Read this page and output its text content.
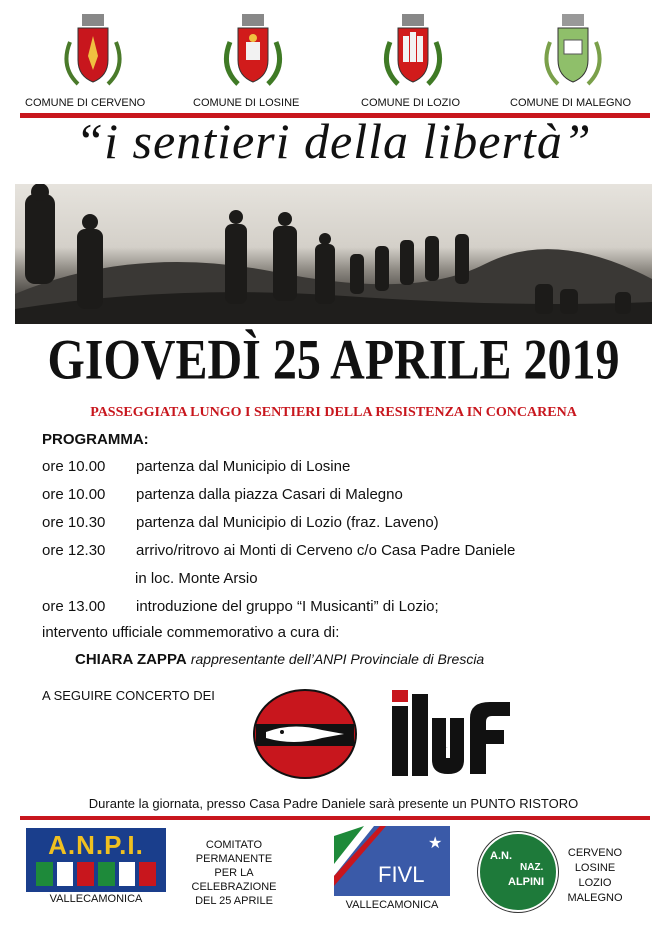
COMUNE DI CERVENO	COMUNE DI LOSINE	COMUNE DI LOZIO	COMUNE DI MALEGNO
“i sentieri della libertà”
GIOVEDÌ 25 APRILE 2019
PASSEGGIATA LUNGO I SENTIERI DELLA RESISTENZA IN CONCARENA
PROGRAMMA:
ore 10.00 partenza dal Municipio di Losine
ore 10.00 partenza dalla piazza Casari di Malegno
ore 10.30 partenza dal Municipio di Lozio (fraz. Laveno)
ore 12.30 arrivo/ritrovo ai Monti di Cerveno c/o Casa Padre Daniele
in loc. Monte Arsio
ore 13.00 introduzione del gruppo “I Musicanti” di Lozio;
intervento ufficiale commemorativo a cura di:
CHIARA ZAPPA rappresentante dell’ANPI Provinciale di Brescia
A SEGUIRE CONCERTO DEI
iluf
Durante la giornata, presso Casa Padre Daniele sarà presente un PUNTO RISTORO
A.N.P.I.
VALLECAMONICA
COMITATO PERMANENTE
PER LA CELEBRAZIONE
DEL 25 APRILE
★
FIVL
VALLECAMONICA
A.N.
NAZ.
ALPINI
CERVENO
LOSINE
LOZIO
MALEGNO
